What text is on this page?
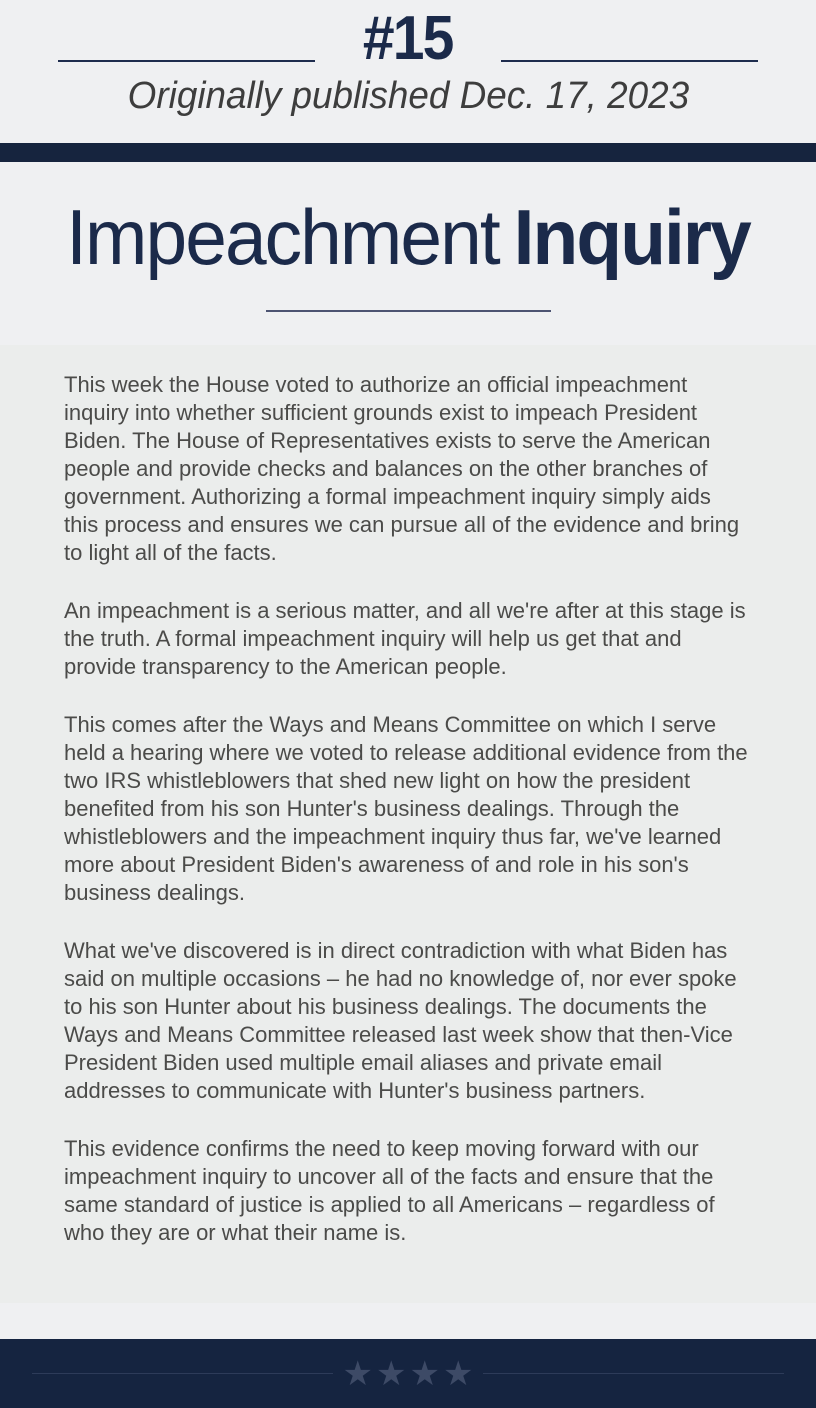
#15

Originally published Dec. 17, 2023

Impeachment Inquiry

This week the House voted to authorize an official impeachment inquiry into whether sufficient grounds exist to impeach President Biden. The House of Representatives exists to serve the American people and provide checks and balances on the other branches of government. Authorizing a formal impeachment inquiry simply aids this process and ensures we can pursue all of the evidence and bring to light all of the facts.

An impeachment is a serious matter, and all we're after at this stage is the truth. A formal impeachment inquiry will help us get that and provide transparency to the American people.

This comes after the Ways and Means Committee on which I serve held a hearing where we voted to release additional evidence from the two IRS whistleblowers that shed new light on how the president benefited from his son Hunter's business dealings. Through the whistleblowers and the impeachment inquiry thus far, we've learned more about President Biden's awareness of and role in his son's business dealings.

What we've discovered is in direct contradiction with what Biden has said on multiple occasions – he had no knowledge of, nor ever spoke to his son Hunter about his business dealings. The documents the Ways and Means Committee released last week show that then-Vice President Biden used multiple email aliases and private email addresses to communicate with Hunter's business partners.

This evidence confirms the need to keep moving forward with our impeachment inquiry to uncover all of the facts and ensure that the same standard of justice is applied to all Americans – regardless of who they are or what their name is.

★ ★ ★ ★
